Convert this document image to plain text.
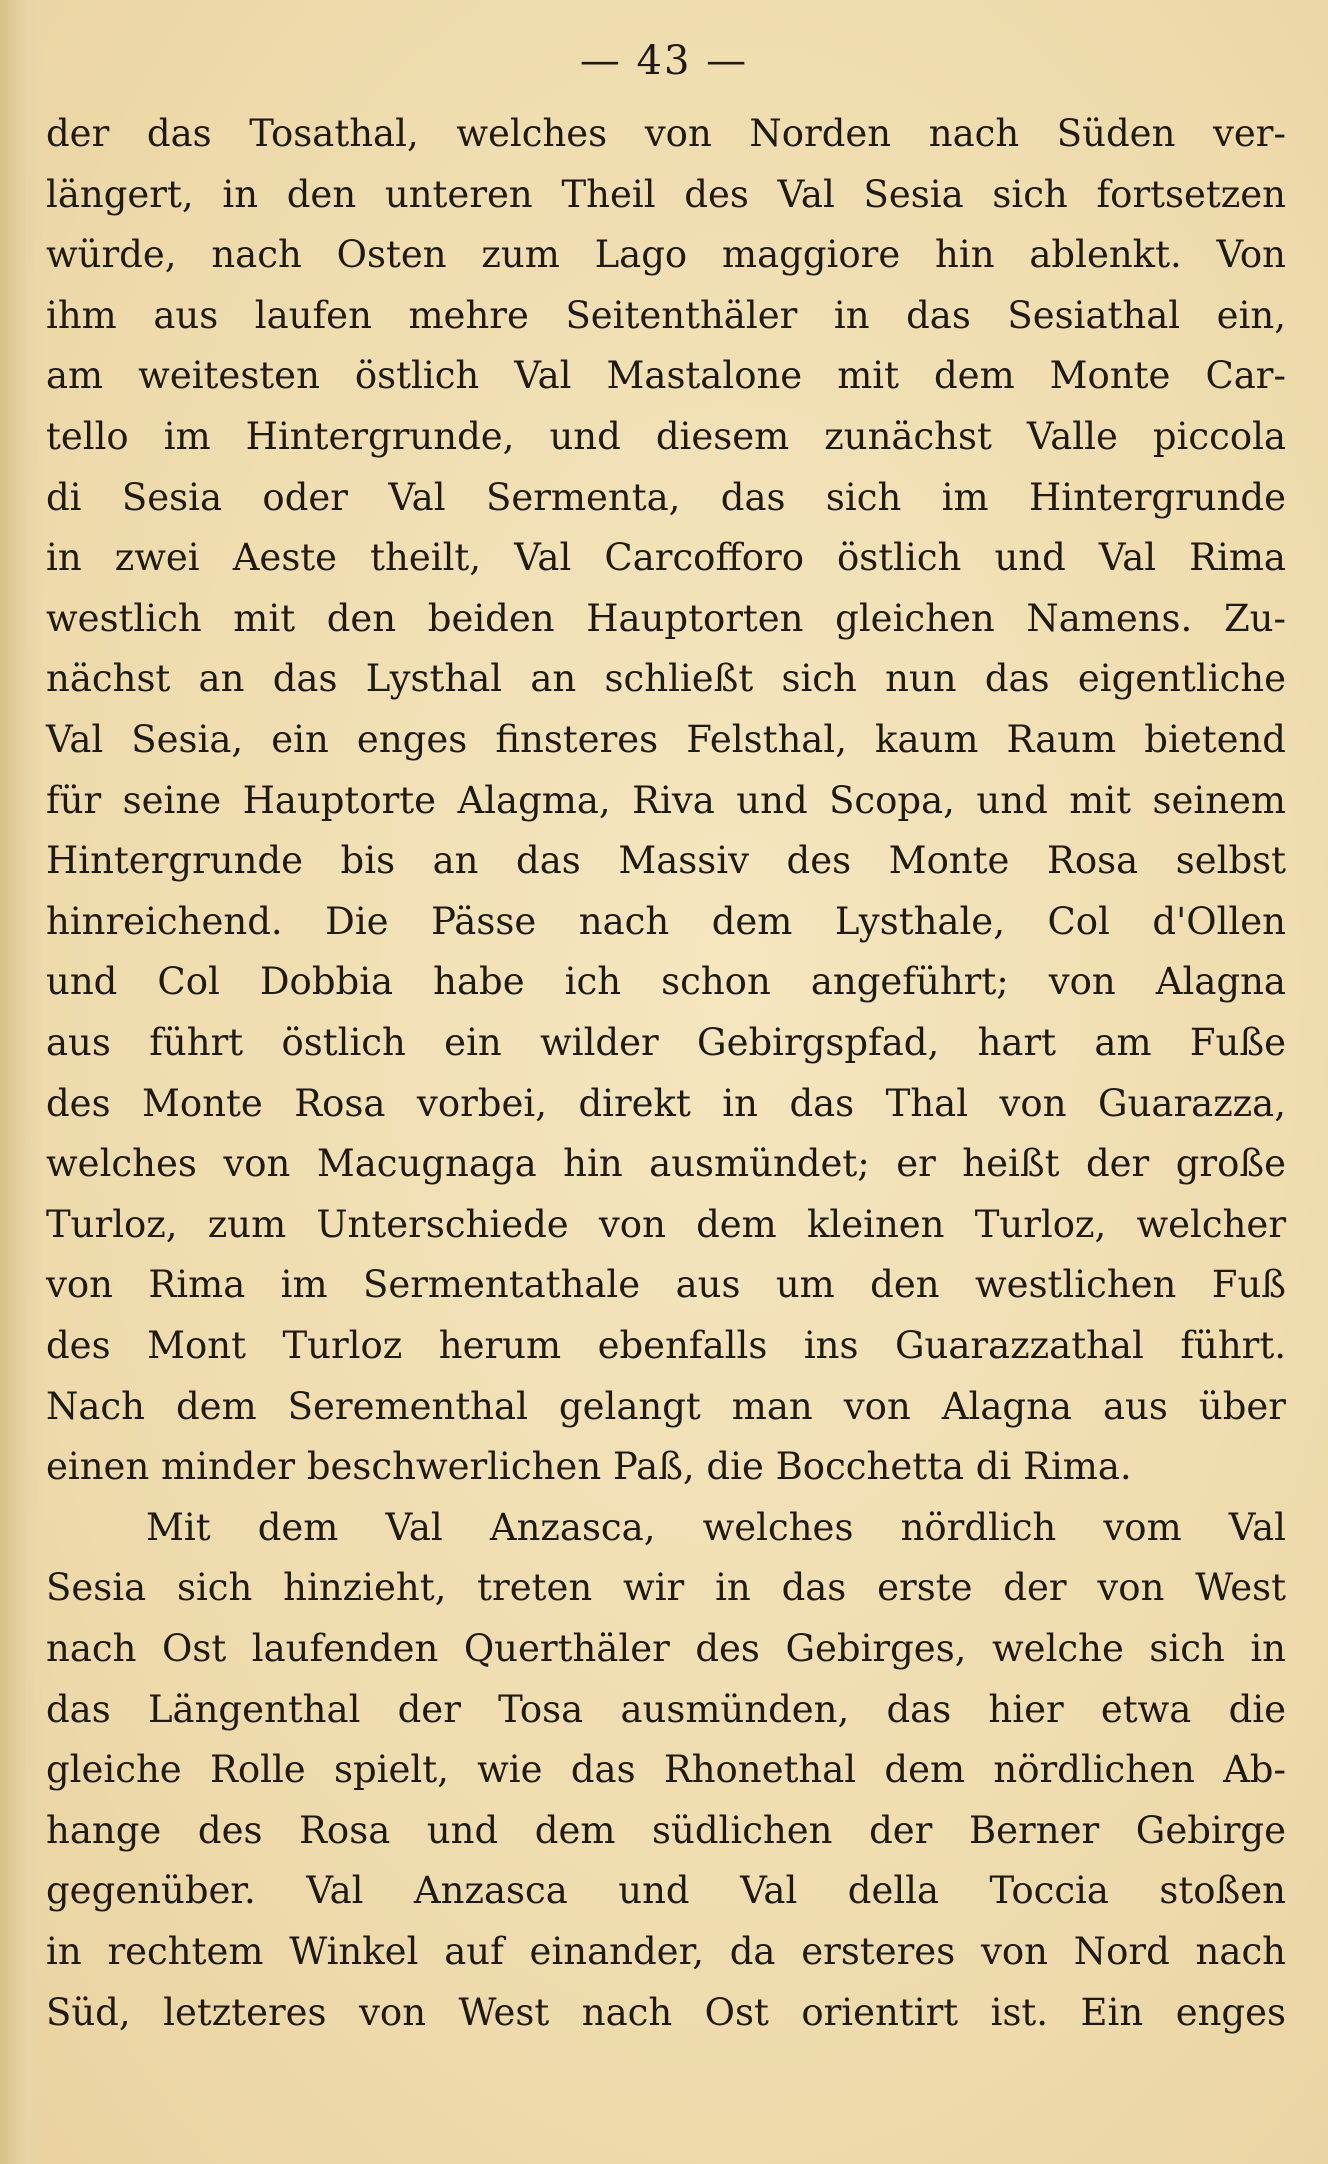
— 43 —
der das Tosathal, welches von Norden nach Süden ver-
längert, in den unteren Theil des Val Sesia sich fortsetzen
würde, nach Osten zum Lago maggiore hin ablenkt. Von
ihm aus laufen mehre Seitenthäler in das Sesiathal ein,
am weitesten östlich Val Mastalone mit dem Monte Car-
tello im Hintergrunde, und diesem zunächst Valle piccola
di Sesia oder Val Sermenta, das sich im Hintergrunde
in zwei Aeste theilt, Val Carcofforo östlich und Val Rima
westlich mit den beiden Hauptorten gleichen Namens. Zu-
nächst an das Lysthal an schließt sich nun das eigentliche
Val Sesia, ein enges finsteres Felsthal, kaum Raum bietend
für seine Hauptorte Alagma, Riva und Scopa, und mit seinem
Hintergrunde bis an das Massiv des Monte Rosa selbst
hinreichend. Die Pässe nach dem Lysthale, Col d'Ollen
und Col Dobbia habe ich schon angeführt; von Alagna
aus führt östlich ein wilder Gebirgspfad, hart am Fuße
des Monte Rosa vorbei, direkt in das Thal von Guarazza,
welches von Macugnaga hin ausmündet; er heißt der große
Turloz, zum Unterschiede von dem kleinen Turloz, welcher
von Rima im Sermentathale aus um den westlichen Fuß
des Mont Turloz herum ebenfalls ins Guarazzathal führt.
Nach dem Serementhal gelangt man von Alagna aus über
einen minder beschwerlichen Paß, die Bocchetta di Rima.
Mit dem Val Anzasca, welches nördlich vom Val
Sesia sich hinzieht, treten wir in das erste der von West
nach Ost laufenden Querthäler des Gebirges, welche sich in
das Längenthal der Tosa ausmünden, das hier etwa die
gleiche Rolle spielt, wie das Rhonethal dem nördlichen Ab-
hange des Rosa und dem südlichen der Berner Gebirge
gegenüber. Val Anzasca und Val della Toccia stoßen
in rechtem Winkel auf einander, da ersteres von Nord nach
Süd, letzteres von West nach Ost orientirt ist. Ein enges
